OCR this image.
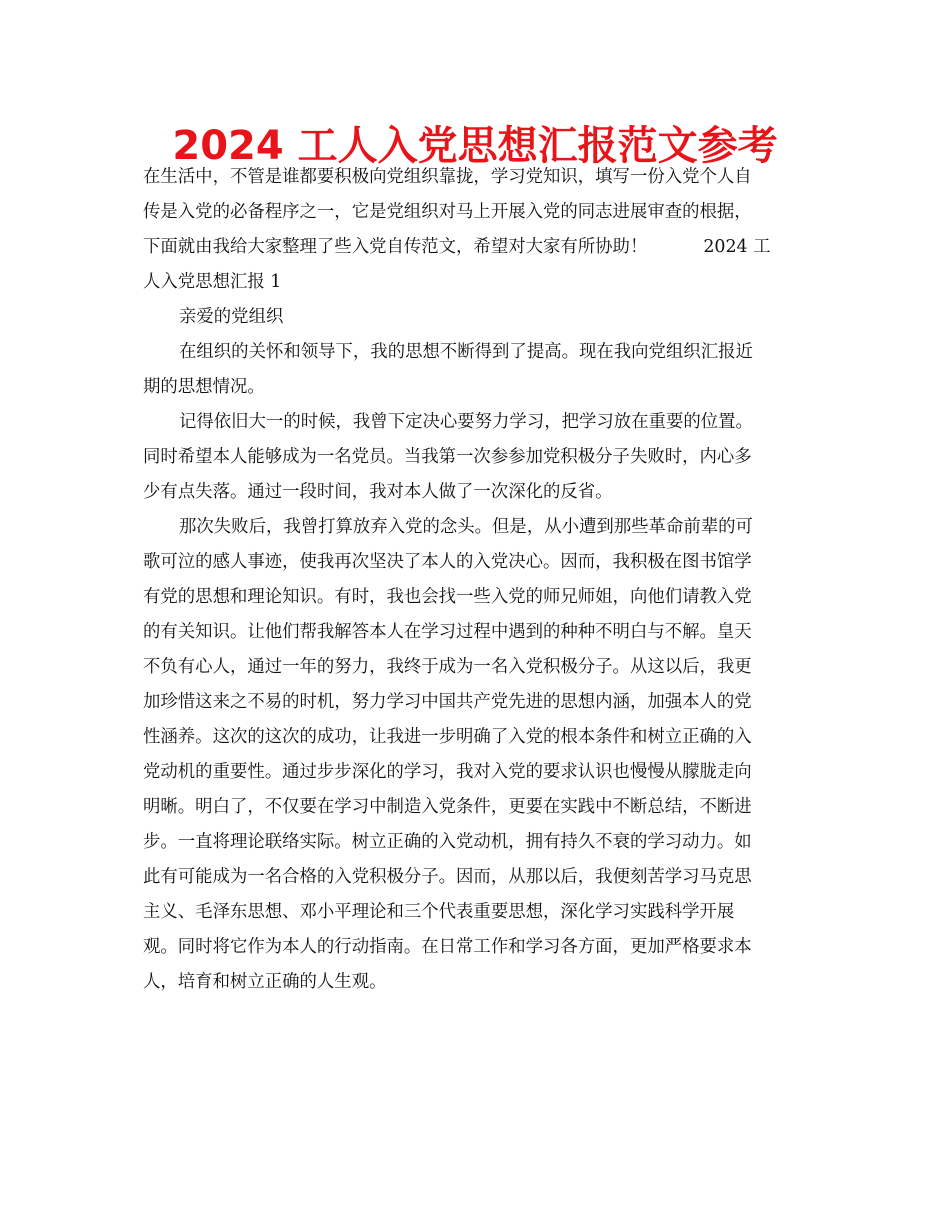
2024 工人入党思想汇报范文参考
在生活中，不管是谁都要积极向党组织靠拢，学习党知识，填写一份入党个人自
传是入党的必备程序之一，它是党组织对马上开展入党的同志进展审查的根据，
下面就由我给大家整理了些入党自传范文，希望对大家有所协助！	2024 工
人入党思想汇报 1
亲爱的党组织
在组织的关怀和领导下，我的思想不断得到了提高。现在我向党组织汇报近
期的思想情况。
记得依旧大一的时候，我曾下定决心要努力学习，把学习放在重要的位置。
同时希望本人能够成为一名党员。当我第一次参参加党积极分子失败时，内心多
少有点失落。通过一段时间，我对本人做了一次深化的反省。
那次失败后，我曾打算放弃入党的念头。但是，从小遭到那些革命前辈的可
歌可泣的感人事迹，使我再次坚决了本人的入党决心。因而，我积极在图书馆学
有党的思想和理论知识。有时，我也会找一些入党的师兄师姐，向他们请教入党
的有关知识。让他们帮我解答本人在学习过程中遇到的种种不明白与不解。皇天
不负有心人，通过一年的努力，我终于成为一名入党积极分子。从这以后，我更
加珍惜这来之不易的时机，努力学习中国共产党先进的思想内涵，加强本人的党
性涵养。这次的这次的成功，让我进一步明确了入党的根本条件和树立正确的入
党动机的重要性。通过步步深化的学习，我对入党的要求认识也慢慢从朦胧走向
明晰。明白了，不仅要在学习中制造入党条件，更要在实践中不断总结，不断进
步。一直将理论联络实际。树立正确的入党动机，拥有持久不衰的学习动力。如
此有可能成为一名合格的入党积极分子。因而，从那以后，我便刻苦学习马克思
主义、毛泽东思想、邓小平理论和三个代表重要思想，深化学习实践科学开展
观。同时将它作为本人的行动指南。在日常工作和学习各方面，更加严格要求本
人，培育和树立正确的人生观。
